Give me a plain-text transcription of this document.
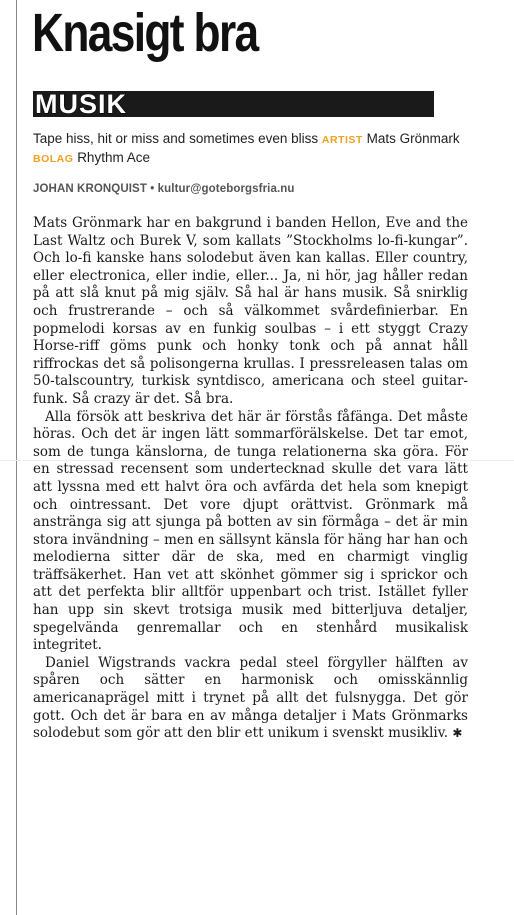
Knasigt bra
MUSIK
Tape hiss, hit or miss and sometimes even bliss ARTIST Mats Grönmark BOLAG Rhythm Ace
JOHAN KRONQUIST • kultur@goteborgsfria.nu

Mats Grönmark har en bakgrund i banden Hellon, Eve and the Last Waltz och Burek V, som kallats ”Stockholms lo-fi-kungar”. Och lo-fi kanske hans solodebut även kan kallas. Eller country, eller electronica, eller indie, eller... Ja, ni hör, jag håller redan på att slå knut på mig själv. Så hal är hans musik. Så snirklig och frustrerande – och så välkommet svårdefinierbar. En popmelodi korsas av en funkig soulbas – i ett styggt Crazy Horse-riff göms punk och honky tonk och på annat håll riffrockas det så polisongerna krullas. I pressreleasen talas om 50-talscountry, turkisk syntdisco, americana och steel guitar-funk. Så crazy är det. Så bra.

Alla försök att beskriva det här är förstås fåfänga. Det måste höras. Och det är ingen lätt sommarförälskelse. Det tar emot, som de tunga känslorna, de tunga relationerna ska göra. För en stressad recensent som undertecknad skulle det vara lätt att lyssna med ett halvt öra och avfärda det hela som knepigt och ointressant. Det vore djupt orättvist. Grönmark må anstränga sig att sjunga på botten av sin förmåga – det är min stora invändning – men en sällsynt känsla för häng har han och melodierna sitter där de ska, med en charmigt vinglig träffsäkerhet. Han vet att skönhet gömmer sig i sprickor och att det perfekta blir alltför uppenbart och trist. Istället fyller han upp sin skevt trotsiga musik med bitterljuva detaljer, spegelvända genremallar och en stenhård musikalisk integritet.

Daniel Wigstrands vackra pedal steel förgyller hälften av spåren och sätter en harmonisk och omisskännlig americanaprägel mitt i trynet på allt det fulsnygga. Det gör gott. Och det är bara en av många detaljer i Mats Grönmarks solodebut som gör att den blir ett unikum i svenskt musikliv. ✱
